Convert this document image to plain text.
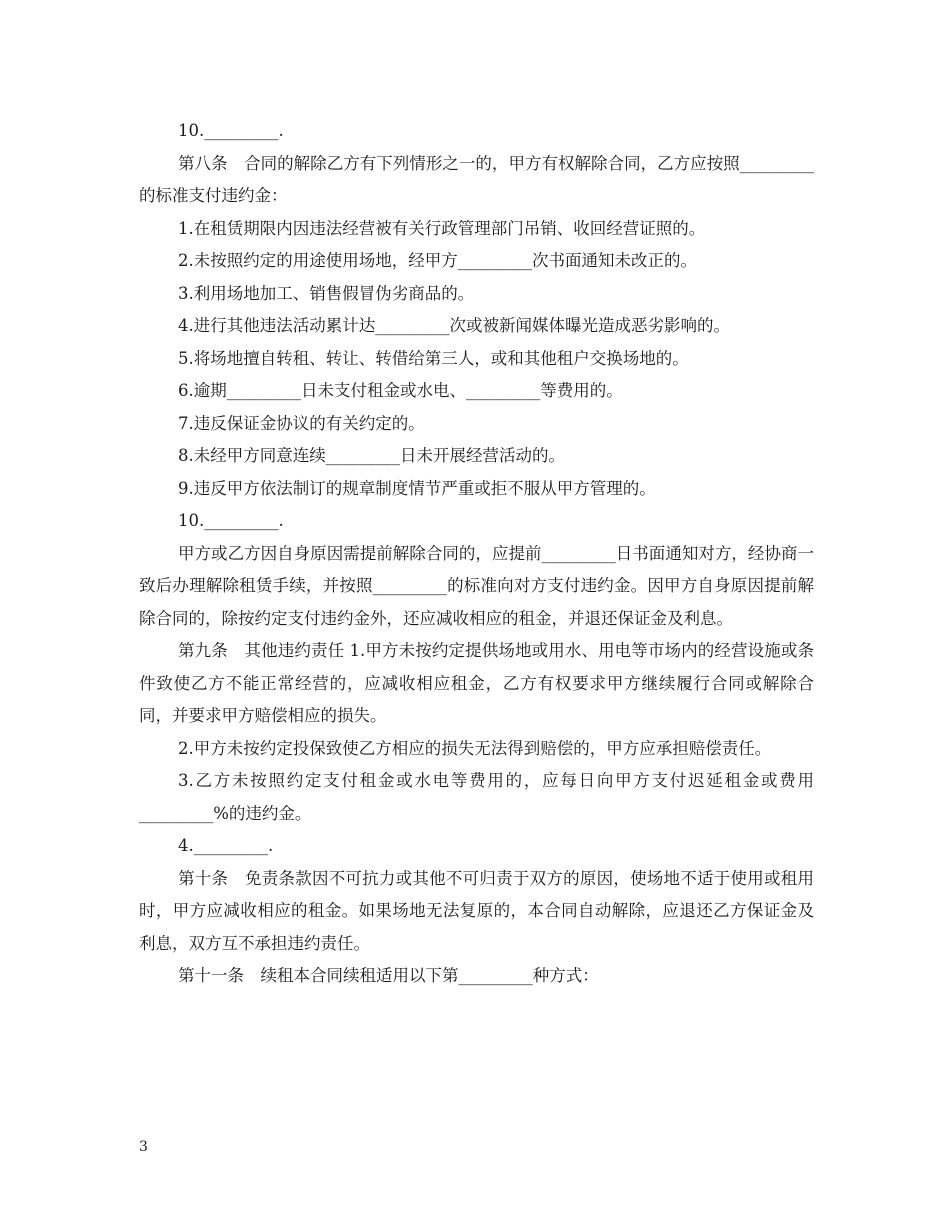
10._________.

第八条　合同的解除乙方有下列情形之一的，甲方有权解除合同，乙方应按照_________的标准支付违约金：

1.在租赁期限内因违法经营被有关行政管理部门吊销、收回经营证照的。

2.未按照约定的用途使用场地，经甲方_________次书面通知未改正的。

3.利用场地加工、销售假冒伪劣商品的。

4.进行其他违法活动累计达_________次或被新闻媒体曝光造成恶劣影响的。

5.将场地擅自转租、转让、转借给第三人，或和其他租户交换场地的。

6.逾期_________日未支付租金或水电、_________等费用的。

7.违反保证金协议的有关约定的。

8.未经甲方同意连续_________日未开展经营活动的。

9.违反甲方依法制订的规章制度情节严重或拒不服从甲方管理的。

10._________.

甲方或乙方因自身原因需提前解除合同的，应提前_________日书面通知对方，经协商一致后办理解除租赁手续，并按照_________的标准向对方支付违约金。因甲方自身原因提前解除合同的，除按约定支付违约金外，还应减收相应的租金，并退还保证金及利息。

第九条　其他违约责任 1.甲方未按约定提供场地或用水、用电等市场内的经营设施或条件致使乙方不能正常经营的，应减收相应租金，乙方有权要求甲方继续履行合同或解除合同，并要求甲方赔偿相应的损失。

2.甲方未按约定投保致使乙方相应的损失无法得到赔偿的，甲方应承担赔偿责任。

3.乙方未按照约定支付租金或水电等费用的，应每日向甲方支付迟延租金或费用_________%的违约金。

4._________.

第十条　免责条款因不可抗力或其他不可归责于双方的原因，使场地不适于使用或租用时，甲方应减收相应的租金。如果场地无法复原的，本合同自动解除，应退还乙方保证金及利息，双方互不承担违约责任。

第十一条　续租本合同续租适用以下第_________种方式：

3
